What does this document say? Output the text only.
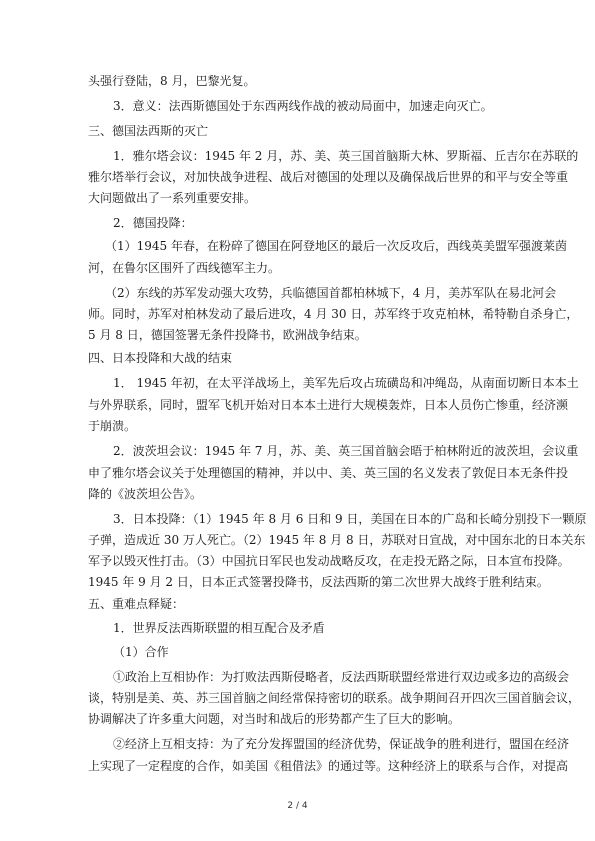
头强行登陆，8 月，巴黎光复。
3．意义：法西斯德国处于东西两线作战的被动局面中，加速走向灭亡。
三、德国法西斯的灭亡
1．雅尔塔会议：1945 年 2 月，苏、美、英三国首脑斯大林、罗斯福、丘吉尔在苏联的
雅尔塔举行会议，对加快战争进程、战后对德国的处理以及确保战后世界的和平与安全等重
大问题做出了一系列重要安排。
2．德国投降：
（1）1945 年春，在粉碎了德国在阿登地区的最后一次反攻后，西线英美盟军强渡莱茵
河，在鲁尔区围歼了西线德军主力。
（2）东线的苏军发动强大攻势，兵临德国首都柏林城下，4 月，美苏军队在易北河会
师。同时，苏军对柏林发动了最后进攻，4 月 30 日，苏军终于攻克柏林，希特勒自杀身亡，
5 月 8 日，德国签署无条件投降书，欧洲战争结束。
四、日本投降和大战的结束
1． 1945 年初，在太平洋战场上，美军先后攻占琉磺岛和冲绳岛，从南面切断日本本土
与外界联系，同时，盟军飞机开始对日本本土进行大规模轰炸，日本人员伤亡惨重，经济濒
于崩溃。
2．波茨坦会议：1945 年 7 月，苏、美、英三国首脑会晤于柏林附近的波茨坦，会议重
申了雅尔塔会议关于处理德国的精神，并以中、美、英三国的名义发表了敦促日本无条件投
降的《波茨坦公告》。
3．日本投降：（1）1945 年 8 月 6 日和 9 日，美国在日本的广岛和长崎分别投下一颗原
子弹，造成近 30 万人死亡。（2）1945 年 8 月 8 日，苏联对日宣战，对中国东北的日本关东
军予以毁灭性打击。（3）中国抗日军民也发动战略反攻，在走投无路之际，日本宣布投降。
1945 年 9 月 2 日，日本正式签署投降书，反法西斯的第二次世界大战终于胜利结束。
五、重难点释疑：
1．世界反法西斯联盟的相互配合及矛盾
（1）合作
①政治上互相协作：为打败法西斯侵略者，反法西斯联盟经常进行双边或多边的高级会
谈，特别是美、英、苏三国首脑之间经常保持密切的联系。战争期间召开四次三国首脑会议，
协调解决了许多重大问题，对当时和战后的形势都产生了巨大的影响。
②经济上互相支持：为了充分发挥盟国的经济优势，保证战争的胜利进行，盟国在经济
上实现了一定程度的合作，如美国《租借法》的通过等。这种经济上的联系与合作，对提高
2 / 4
